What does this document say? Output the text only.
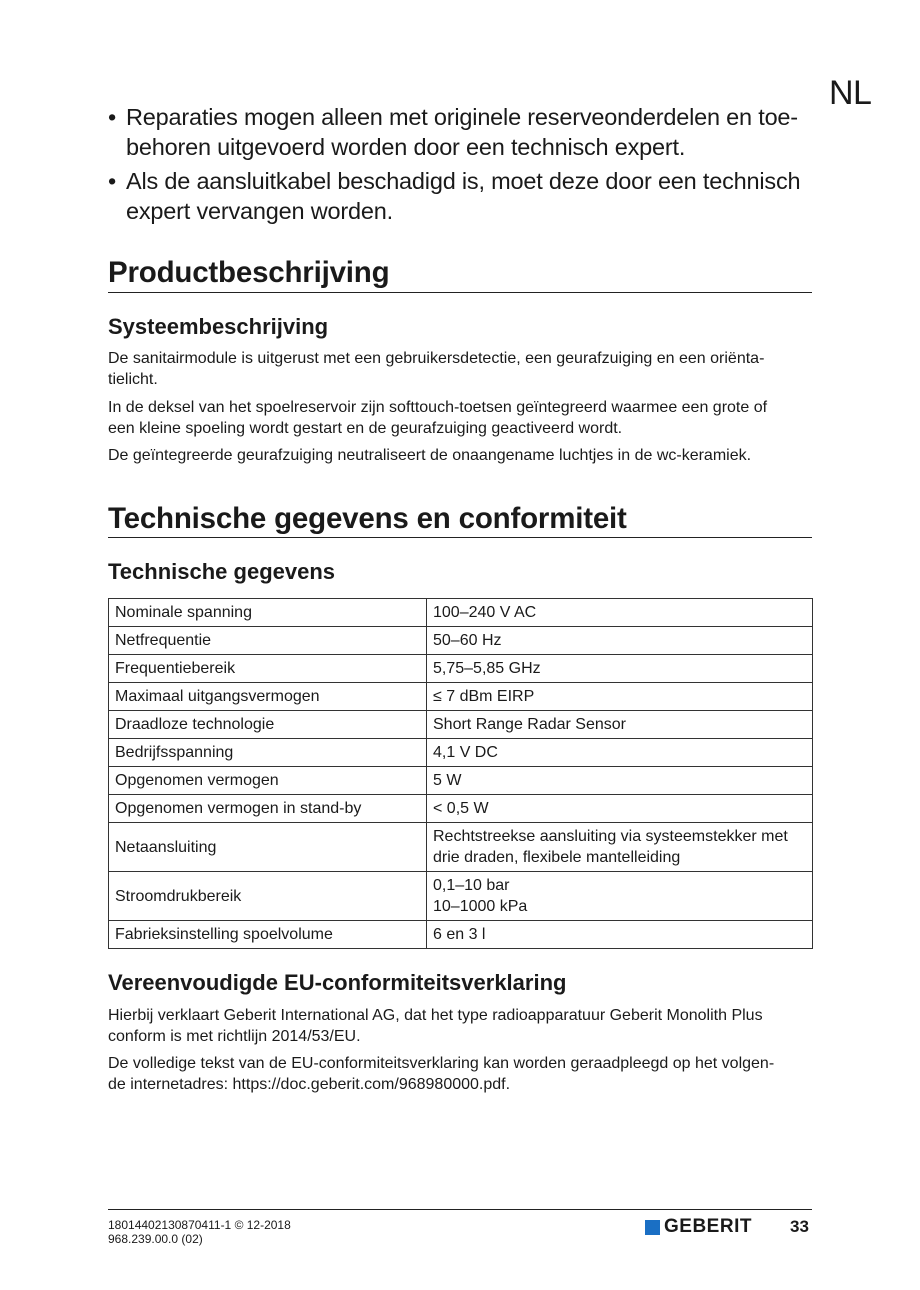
NL
• Reparaties mogen alleen met originele reserveonderdelen en toe-
behoren uitgevoerd worden door een technisch expert.
• Als de aansluitkabel beschadigd is, moet deze door een technisch
expert vervangen worden.
Productbeschrijving
Systeembeschrijving

De sanitairmodule is uitgerust met een gebruikersdetectie, een geurafzuiging en een oriënta-
tielicht.

In de deksel van het spoelreservoir zijn softtouch-toetsen geïntegreerd waarmee een grote of
een kleine spoeling wordt gestart en de geurafzuiging geactiveerd wordt.

De geïntegreerde geurafzuiging neutraliseert de onaangename luchtjes in de wc-keramiek.

Technische gegevens en conformiteit
Technische gegevens
Nominale spanning	100–240 V AC
Netfrequentie	50–60 Hz
Frequentiebereik	5,75–5,85 GHz
Maximaal uitgangsvermogen	≤ 7 dBm EIRP
Draadloze technologie	Short Range Radar Sensor
Bedrijfsspanning	4,1 V DC
Opgenomen vermogen	5 W
Opgenomen vermogen in stand-by	< 0,5 W
Netaansluiting	Rechtstreekse aansluiting via systeemstekker met
drie draden, flexibele mantelleiding
Stroomdrukbereik	0,1–10 bar
10–1000 kPa
Fabrieksinstelling spoelvolume	6 en 3 l
Vereenvoudigde EU-conformiteitsverklaring

Hierbij verklaart Geberit International AG, dat het type radioapparatuur Geberit Monolith Plus
conform is met richtlijn 2014/53/EU.

De volledige tekst van de EU-conformiteitsverklaring kan worden geraadpleegd op het volgen-
de internetadres: https://doc.geberit.com/968980000.pdf.

18014402130870411-1 © 12-2018
968.239.00.0 (02)
GEBERIT 33
